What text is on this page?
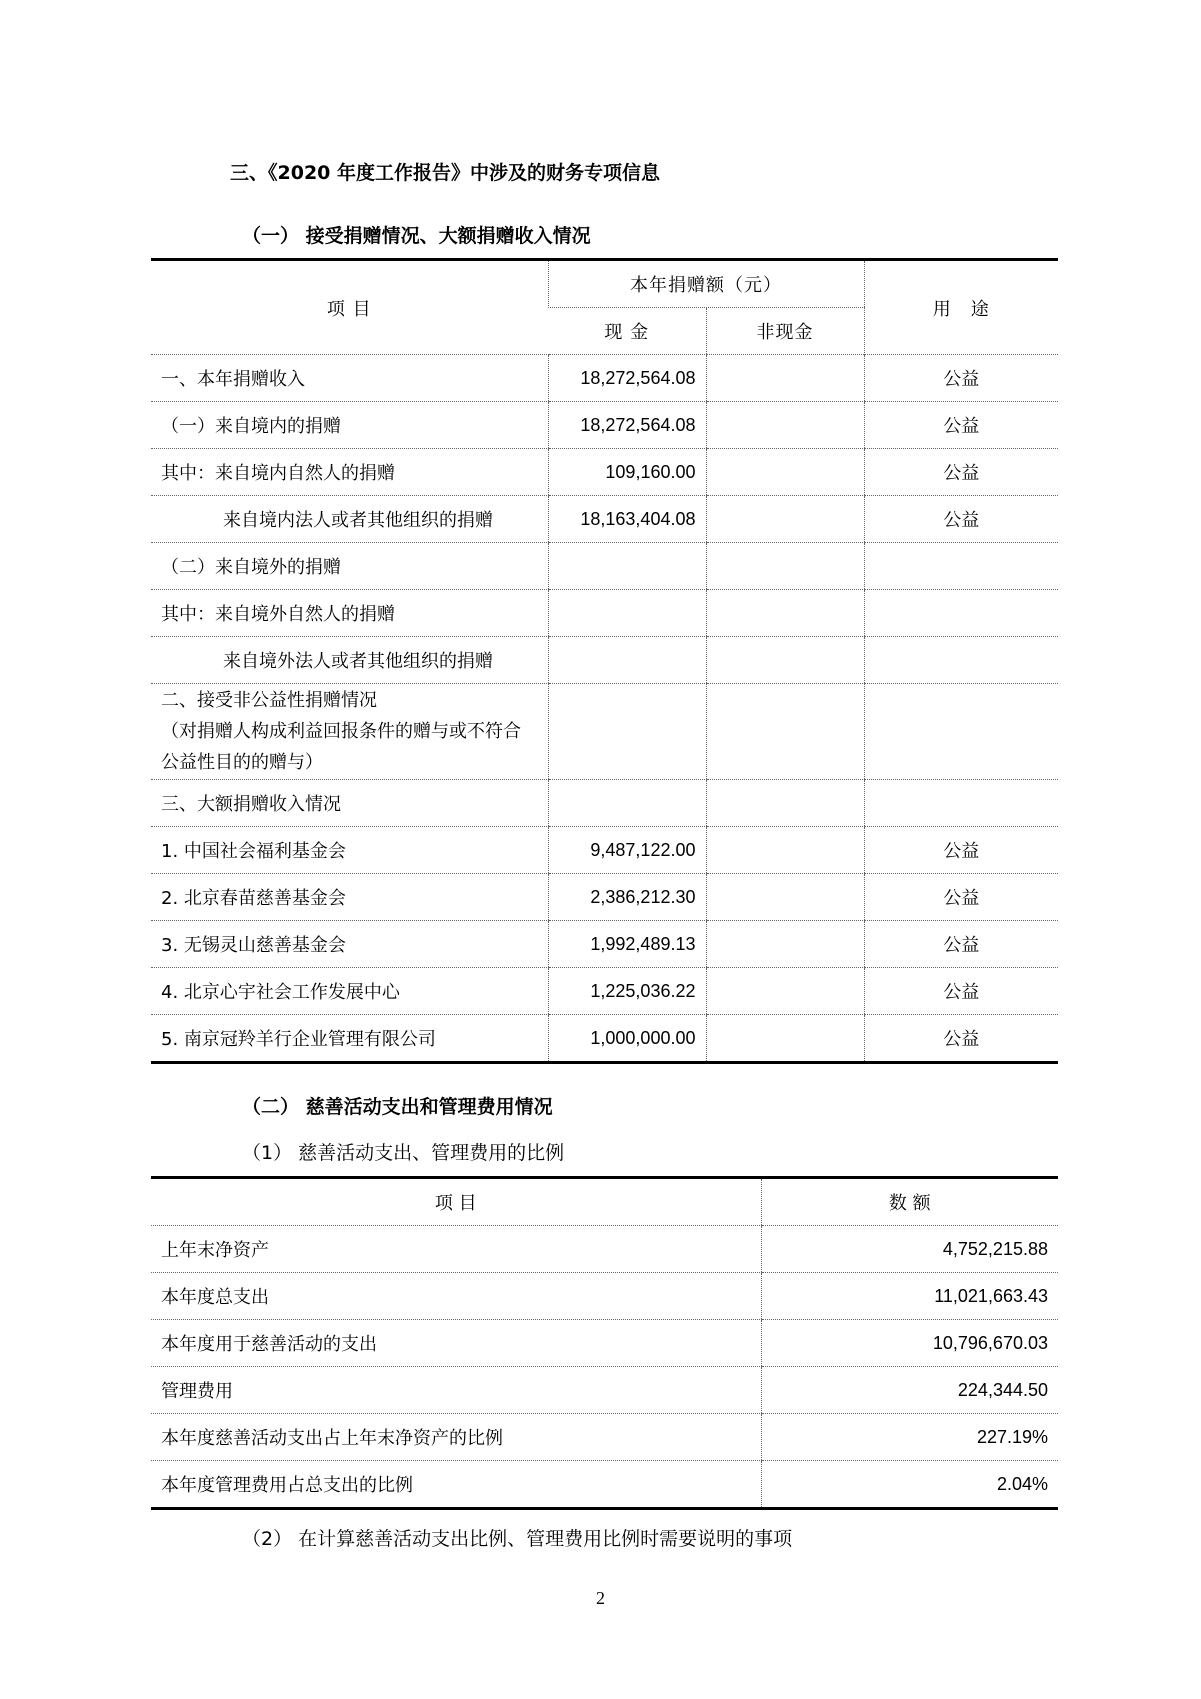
三、《2020 年度工作报告》中涉及的财务专项信息
（一） 接受捐赠情况、大额捐赠收入情况
项 目	本年捐赠额（元）		用　途
	现 金	非现金	
一、本年捐赠收入	18,272,564.08		公益
（一）来自境内的捐赠	18,272,564.08		公益
其中：来自境内自然人的捐赠	109,160.00		公益
来自境内法人或者其他组织的捐赠	18,163,404.08		公益
（二）来自境外的捐赠			
其中：来自境外自然人的捐赠			
来自境外法人或者其他组织的捐赠			
二、接受非公益性捐赠情况
（对捐赠人构成利益回报条件的赠与或不符合公益性目的的赠与）			
三、大额捐赠收入情况			
1. 中国社会福利基金会	9,487,122.00		公益
2. 北京春苗慈善基金会	2,386,212.30		公益
3. 无锡灵山慈善基金会	1,992,489.13		公益
4. 北京心宇社会工作发展中心	1,225,036.22		公益
5. 南京冠羚羊行企业管理有限公司	1,000,000.00		公益
（二） 慈善活动支出和管理费用情况
（1） 慈善活动支出、管理费用的比例
项 目	数 额
上年末净资产	4,752,215.88
本年度总支出	11,021,663.43
本年度用于慈善活动的支出	10,796,670.03
管理费用	224,344.50
本年度慈善活动支出占上年末净资产的比例	227.19%
本年度管理费用占总支出的比例	2.04%
（2） 在计算慈善活动支出比例、管理费用比例时需要说明的事项
2
